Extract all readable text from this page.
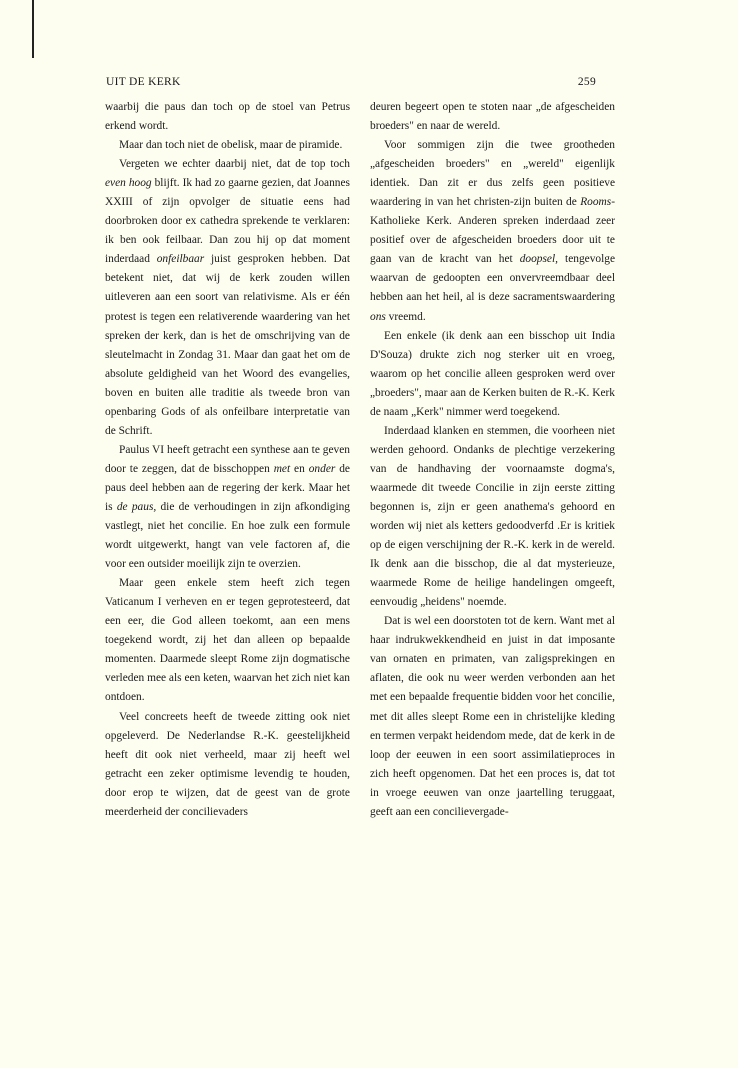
UIT DE KERK	259

waarbij die paus dan toch op de stoel van Petrus erkend wordt.

Maar dan toch niet de obelisk, maar de piramide.

Vergeten we echter daarbij niet, dat de top toch even hoog blijft. Ik had zo gaarne gezien, dat Joannes XXIII of zijn opvolger de situatie eens had doorbroken door ex cathedra sprekende te verklaren: ik ben ook feilbaar. Dan zou hij op dat moment inderdaad onfeilbaar juist gesproken hebben. Dat betekent niet, dat wij de kerk zouden willen uitleveren aan een soort van relativisme. Als er één protest is tegen een relativerende waardering van het spreken der kerk, dan is het de omschrijving van de sleutelmacht in Zondag 31. Maar dan gaat het om de absolute geldigheid van het Woord des evangelies, boven en buiten alle traditie als tweede bron van openbaring Gods of als onfeilbare interpretatie van de Schrift.

Paulus VI heeft getracht een synthese aan te geven door te zeggen, dat de bisschoppen met en onder de paus deel hebben aan de regering der kerk. Maar het is de paus, die de verhoudingen in zijn afkondiging vastlegt, niet het concilie. En hoe zulk een formule wordt uitgewerkt, hangt van vele factoren af, die voor een outsider moeilijk zijn te overzien.

Maar geen enkele stem heeft zich tegen Vaticanum I verheven en er tegen geprotesteerd, dat een eer, die God alleen toekomt, aan een mens toegekend wordt, zij het dan alleen op bepaalde momenten. Daarmede sleept Rome zijn dogmatische verleden mee als een keten, waarvan het zich niet kan ontdoen.

Veel concreets heeft de tweede zitting ook niet opgeleverd. De Nederlandse R.-K. geestelijkheid heeft dit ook niet verheeld, maar zij heeft wel getracht een zeker optimisme levendig te houden, door erop te wijzen, dat de geest van de grote meerderheid der concilievaders

deuren begeert open te stoten naar „de afgescheiden broeders" en naar de wereld.

Voor sommigen zijn die twee grootheden „afgescheiden broeders" en „wereld" eigenlijk identiek. Dan zit er dus zelfs geen positieve waardering in van het christen-zijn buiten de Rooms-Katholieke Kerk. Anderen spreken inderdaad zeer positief over de afgescheiden broeders door uit te gaan van de kracht van het doopsel, tengevolge waarvan de gedoopten een onvervreemdbaar deel hebben aan het heil, al is deze sacramentswaardering ons vreemd.

Een enkele (ik denk aan een bisschop uit India D'Souza) drukte zich nog sterker uit en vroeg, waarom op het concilie alleen gesproken werd over „broeders", maar aan de Kerken buiten de R.-K. Kerk de naam „Kerk" nimmer werd toegekend.

Inderdaad klanken en stemmen, die voorheen niet werden gehoord. Ondanks de plechtige verzekering van de handhaving der voornaamste dogma's, waarmede dit tweede Concilie in zijn eerste zitting begonnen is, zijn er geen anathema's gehoord en worden wij niet als ketters gedoodverfd .Er is kritiek op de eigen verschijning der R.-K. kerk in de wereld. Ik denk aan die bisschop, die al dat mysterieuze, waarmede Rome de heilige handelingen omgeeft, eenvoudig „heidens" noemde.

Dat is wel een doorstoten tot de kern. Want met al haar indrukwekkendheid en juist in dat imposante van ornaten en primaten, van zaligsprekingen en aflaten, die ook nu weer werden verbonden aan het met een bepaalde frequentie bidden voor het concilie, met dit alles sleept Rome een in christelijke kleding en termen verpakt heidendom mede, dat de kerk in de loop der eeuwen in een soort assimilatieproces in zich heeft opgenomen. Dat het een proces is, dat tot in vroege eeuwen van onze jaartelling teruggaat, geeft aan een concilievergade-
